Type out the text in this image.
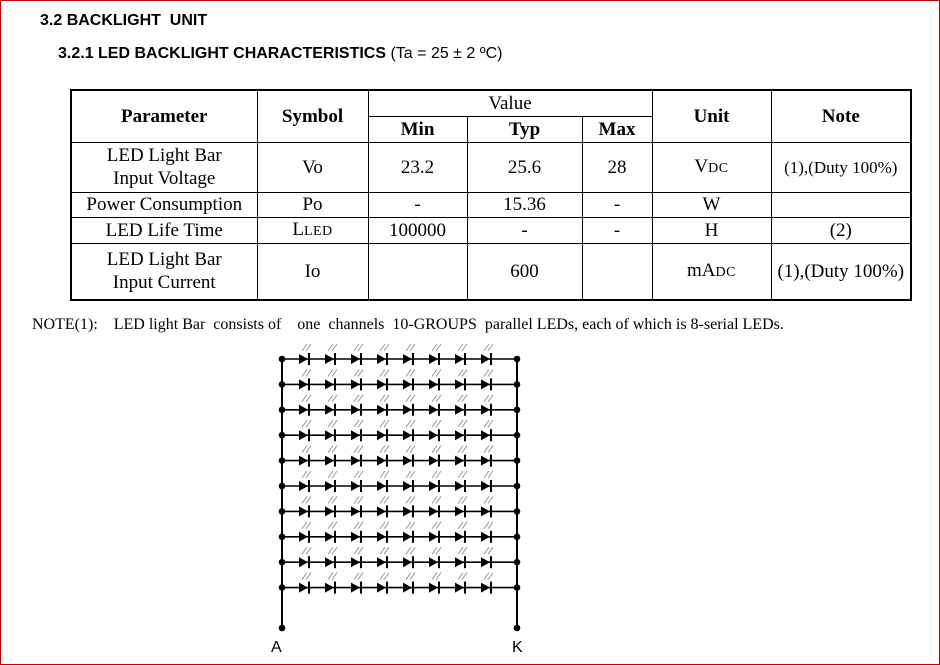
3.2 BACKLIGHT  UNIT
3.2.1 LED BACKLIGHT CHARACTERISTICS (Ta = 25 ± 2 ºC)
Parameter	Symbol	Value			Unit	Note
		Min	Typ	Max		
LED Light Bar
Input Voltage	Vo	23.2	25.6	28	VDC	(1),(Duty 100%)
Power Consumption	Po	-	15.36	-	W	
LED Life Time	LLED	100000	-	-	H	(2)
LED Light Bar
Input Current	Io		600		mADC	(1),(Duty 100%)
NOTE(1):    LED light Bar  consists of    one  channels  10-GROUPS  parallel LEDs, each of which is 8-serial LEDs.
A	K
